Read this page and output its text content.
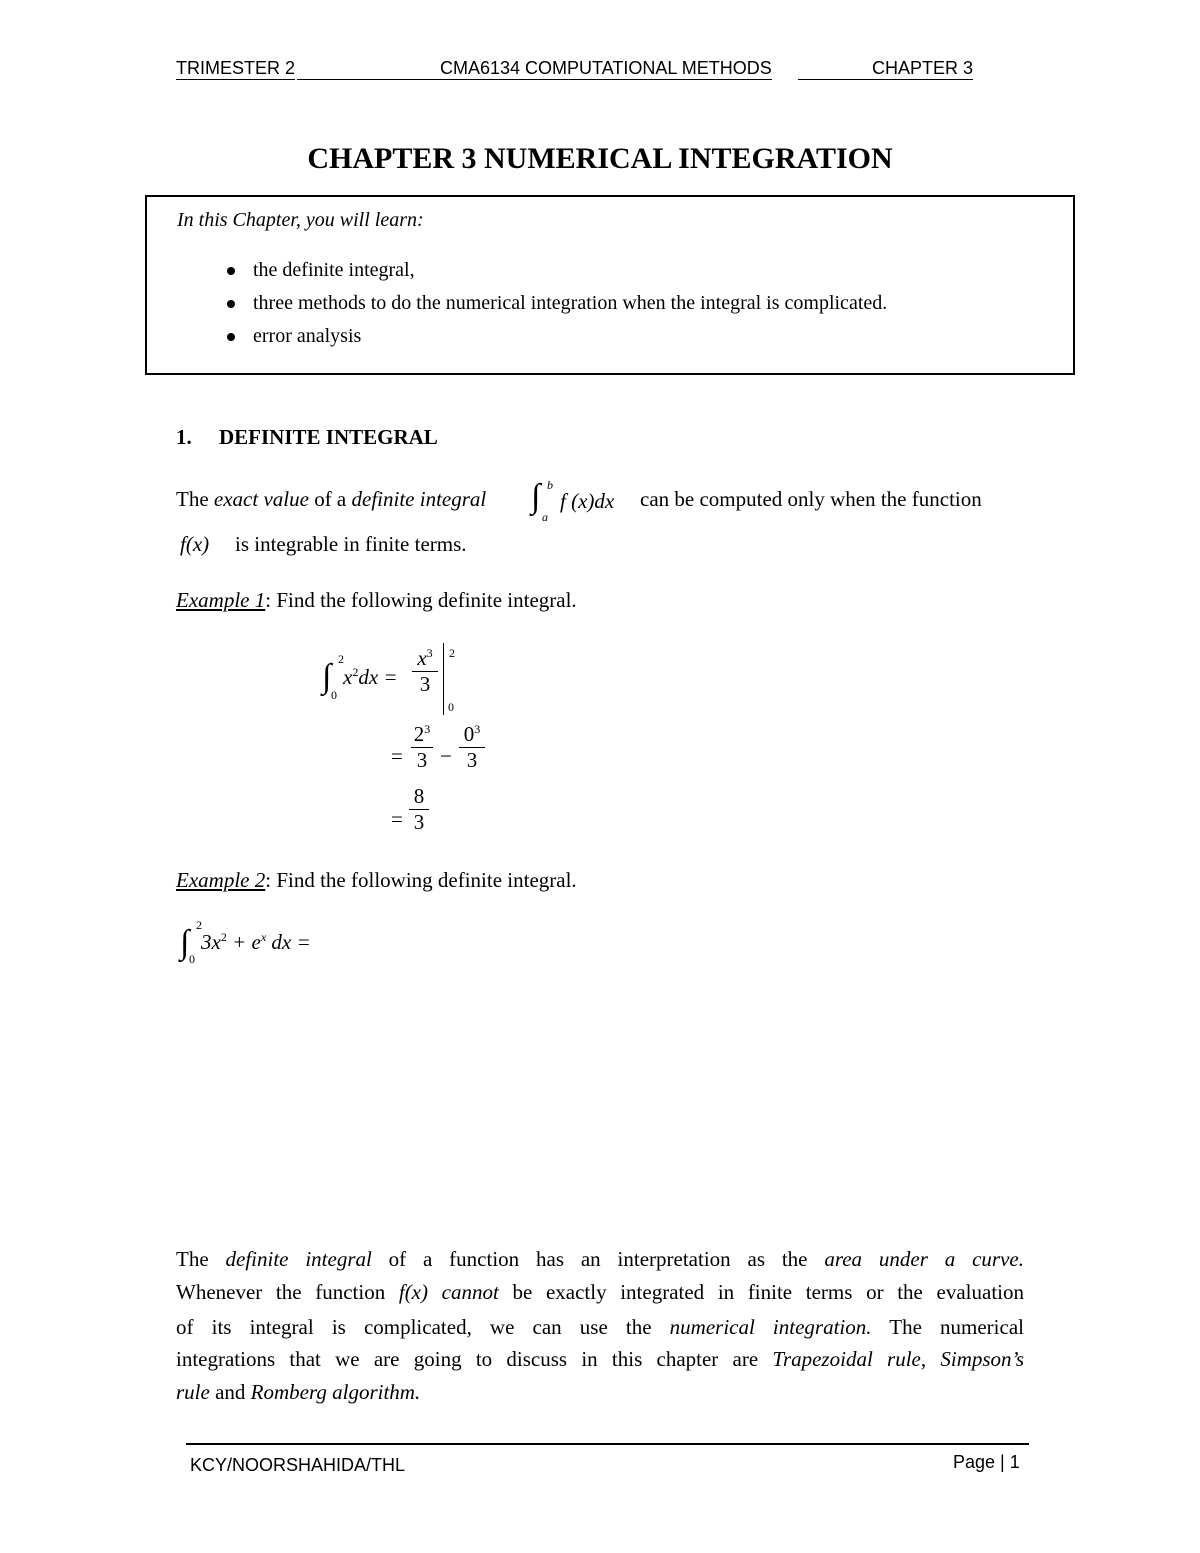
TRIMESTER 2
	CMA6134 COMPUTATIONAL METHODS
	CHAPTER 3
CHAPTER 3 NUMERICAL INTEGRATION
In this Chapter, you will learn:
the definite integral,
three methods to do the numerical integration when the integral is complicated.
error analysis
1. DEFINITE INTEGRAL
The exact value of a definite integral ∫ b
a
f (x)dx can be computed only when the function
f(x) is integrable in finite terms.
Example 1: Find the following definite integral.
∫ 2
0
$x^2dx = \frac{x^3}{3} 2$
0
= $\frac{2^3}{3} - \frac{0^3}{3}$
= $\frac{8}{3}$
Example 2: Find the following definite integral.
∫ 2
0
$3x^2 + e^x$ dx =
The definite integral of a function has an interpretation as the area under a curve.
Whenever the function f(x) cannot be exactly integrated in finite terms or the evaluation
of its integral is complicated, we can use the numerical integration. The numerical
integrations that we are going to discuss in this chapter are Trapezoidal rule, Simpson’s
rule and Romberg algorithm.
KCY/NOORSHAHIDA/THL	Page | 1
